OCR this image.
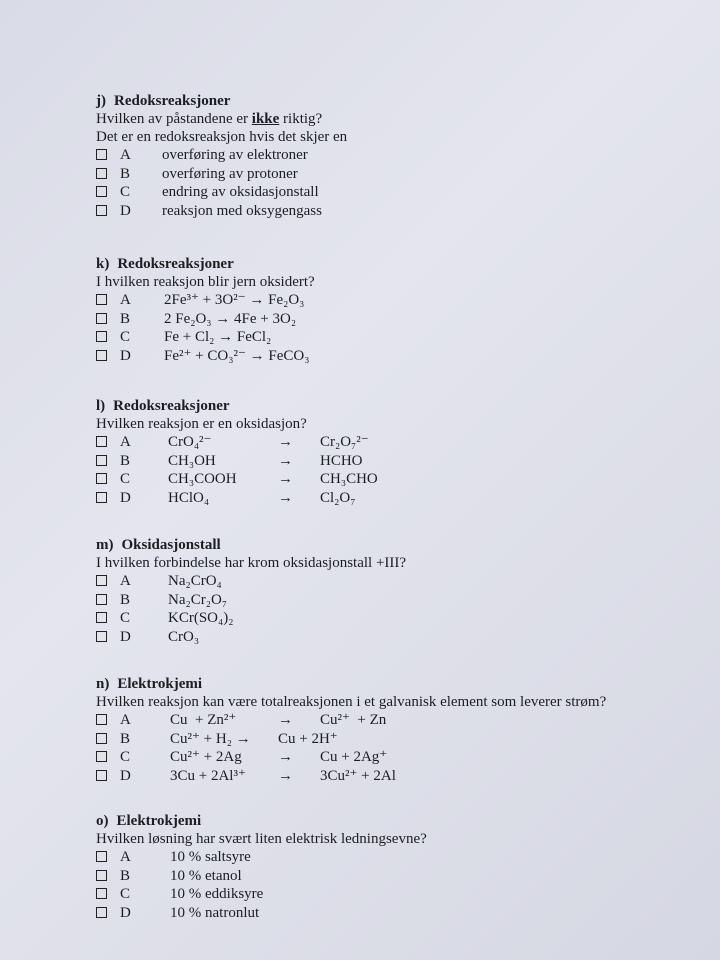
j) Redoksreaksjoner
Hvilken av påstandene er ikke riktig?
Det er en redoksreaksjon hvis det skjer en
A overføring av elektroner
B overføring av protoner
C endring av oksidasjonstall
D reaksjon med oksygengass
k) Redoksreaksjoner
I hvilken reaksjon blir jern oksidert?
A 2Fe³⁺ + 3O²⁻ → Fe₂O₃
B 2 Fe₂O₃ → 4Fe + 3O₂
C Fe + Cl₂ → FeCl₂
D Fe²⁺ + CO₃²⁻ → FeCO₃
l) Redoksreaksjoner
Hvilken reaksjon er en oksidasjon?
A CrO₄²⁻	→ Cr₂O₇²⁻
B	CH₃OH	→ HCHO
C	CH₃COOH	→ CH₃CHO
D HClO₄	→ Cl₂O₇
m) Oksidasjonstall
I hvilken forbindelse har krom oksidasjonstall +III?
A Na₂CrO₄
B	Na₂Cr₂O₇
C	KCr(SO₄)₂
D CrO₃
n) Elektrokjemi
Hvilken reaksjon kan være totalreaksjonen i et galvanisk element som leverer strøm?
A	Cu  + Zn²⁺	→ Cu²⁺  + Zn
B	Cu²⁺ + H₂ → Cu + 2H⁺
C	Cu²⁺ + 2Ag → Cu + 2Ag⁺
D	3Cu + 2Al³⁺ → 3Cu²⁺ + 2Al
o) Elektrokjemi
Hvilken løsning har svært liten elektrisk ledningsevne?
A	10 % saltsyre
B	10 % etanol
C	10 % eddiksyre
D	10 % natronlut
